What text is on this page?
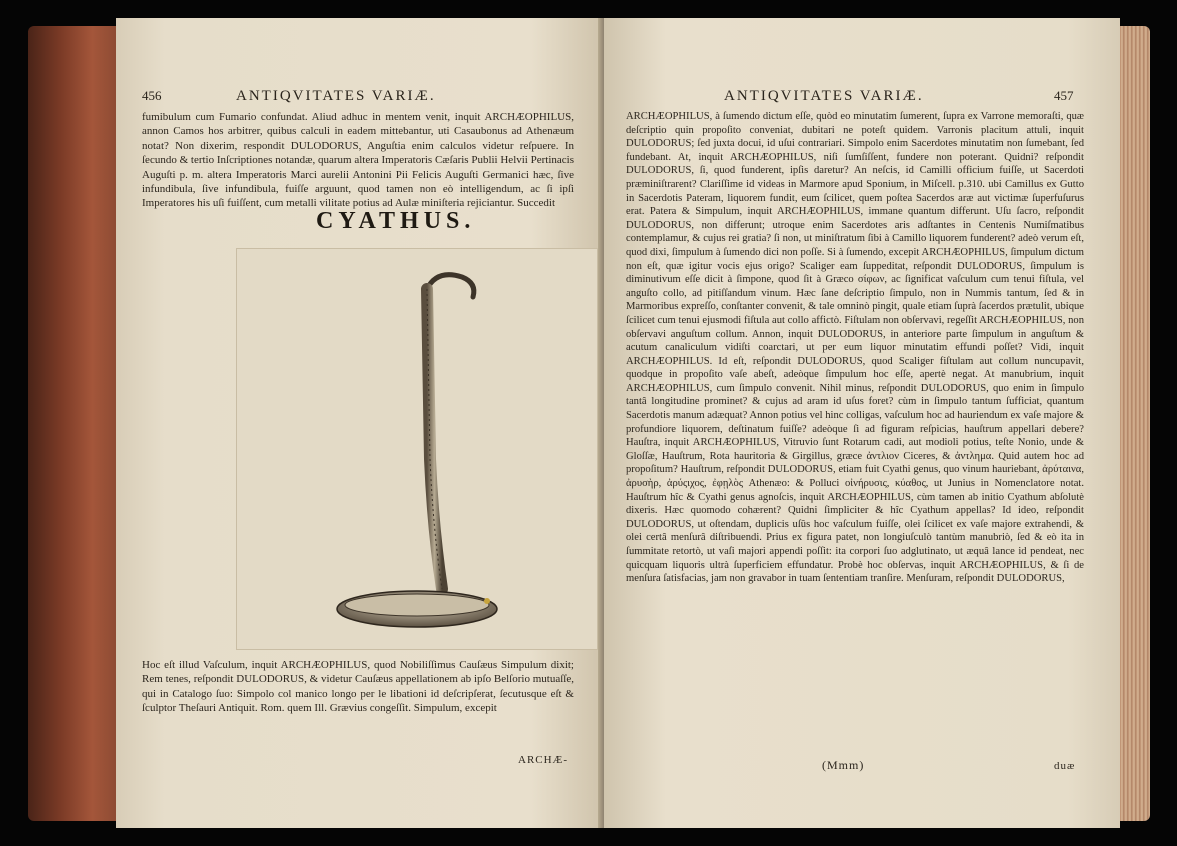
456	ANTIQVITATES VARIÆ.

fumibulum cum Fumario confundat. Aliud adhuc in mentem venit, inquit ARCHÆOPHILUS, annon Camos hos arbitrer, quibus calculi in eadem mittebantur, uti Casaubonus ad Athenæum notat? Non dixerim, respondit DULODORUS, Anguſtia enim calculos videtur reſpuere. In ſecundo & tertio Inſcriptiones notandæ, quarum altera Imperatoris Cæſaris Publii Helvii Pertinacis Auguſti p. m. altera Imperatoris Marci aurelii Antonini Pii Felicis Auguſti Germanici hæc, ſive infundibula, ſive infundibula, fuiſſe arguunt, quod tamen non eò intelligendum, ac ſi ipſi Imperatores his uſi fuiſſent, cum metalli vilitate potius ad Aulæ miniſteria rejiciantur. Succedit

CYATHUS.

Hoc eſt illud Vaſculum, inquit ARCHÆOPHILUS, quod Nobiliſſimus Cauſæus Simpulum dixit; Rem tenes, reſpondit DULODORUS, & videtur Cauſæus appellationem ab ipſo Belſorio mutuaſſe, qui in Catalogo ſuo: Simpolo col manico longo per le libationi id deſcripſerat, ſecutusque eſt & ſculptor Theſauri Antiquit. Rom. quem Ill. Grævius congeſſit. Simpulum, excepit

ARCHÆ-
ANTIQVITATES VARIÆ.	457

ARCHÆOPHILUS, à ſumendo dictum eſſe, quòd eo minutatim ſumerent, ſupra ex Varrone memoraſti, quæ deſcriptio quin propoſito conveniat, dubitari ne poteſt quidem. Varronis placitum attuli, inquit DULODORUS; ſed juxta docui, id uſui contrariari. Simpolo enim Sacerdotes minutatim non ſumebant, ſed fundebant. At, inquit ARCHÆOPHILUS, niſi ſumſiſſent, fundere non poterant. Quidni? reſpondit DULODORUS, ſi, quod funderent, ipſis daretur? An neſcis, id Camilli officium fuiſſe, ut Sacerdoti præminiſtrarent? Clariſſime id videas in Marmore apud Sponium, in Miſcell. p.310. ubi Camillus ex Gutto in Sacerdotis Pateram, liquorem fundit, eum ſcilicet, quem poſtea Sacerdos aræ aut victimæ ſuperfuſurus erat. Patera & Simpulum, inquit ARCHÆOPHILUS, immane quantum differunt. Uſu ſacro, reſpondit DULODORUS, non differunt; utroque enim Sacerdotes aris adſtantes in Centenis Numiſmatibus contemplamur, & cujus rei gratia? ſi non, ut miniſtratum ſibi à Camillo liquorem funderent? adeò verum eſt, quod dixi, ſimpulum à ſumendo dici non poſſe. Si à ſumendo, excepit ARCHÆOPHILUS, ſimpulum dictum non eſt, quæ igitur vocis ejus origo? Scaliger eam ſuppeditat, reſpondit DULODORUS, ſimpulum is diminutivum eſſe dicit à ſimpone, quod ſit à Græco σίφων, ac ſignificat vaſculum cum tenui fiſtula, vel anguſto collo, ad pitiſſandum vinum. Hæc ſane deſcriptio ſimpulo, non in Nummis tantum, ſed & in Marmoribus expreſſo, conſtanter convenit, & tale omninò pingit, quale etiam ſuprà ſacerdos prætulit, ubique ſcilicet cum tenui ejusmodi fiſtula aut collo affictò. Fiſtulam non obſervavi, regeſſit ARCHÆOPHILUS, non obſervavi anguſtum collum. Annon, inquit DULODORUS, in anteriore parte ſimpulum in anguſtum & acutum canaliculum vidiſti coarctari, ut per eum liquor minutatim effundi poſſet? Vidi, inquit ARCHÆOPHILUS. Id eſt, reſpondit DULODORUS, quod Scaliger fiſtulam aut collum nuncupavit, quodque in propoſito vaſe abeſt, adeòque ſimpulum hoc eſſe, apertè negat. At manubrium, inquit ARCHÆOPHILUS, cum ſimpulo convenit. Nihil minus, reſpondit DULODORUS, quo enim in ſimpulo tantâ longitudine prominet? & cujus ad aram id uſus foret? cùm in ſimpulo tantum ſufficiat, quantum Sacerdotis manum adæquat? Annon potius vel hinc colligas, vaſculum hoc ad hauriendum ex vaſe majore & profundiore liquorem, deſtinatum fuiſſe? adeòque ſi ad figuram reſpicias, hauſtrum appellari debere? Hauſtra, inquit ARCHÆOPHILUS, Vitruvio ſunt Rotarum cadi, aut modioli potius, teſte Nonio, unde & Gloſſæ, Hauſtrum, Rota hauritoria & Girgillus, græce ἀντλιον Ciceres, & ἀντλημα. Quid autem hoc ad propoſitum? Hauſtrum, reſpondit DULODORUS, etiam fuit Cyathi genus, quo vinum hauriebant, ἀρύταινα, ἀρυσὴρ, ἀρύςιχος, ἐφῃλὸς Athenæo: & Polluci οἰνήρυσις, κύαθος, ut Junius in Nomenclatore notat. Hauſtrum hîc & Cyathi genus agnoſcis, inquit ARCHÆOPHILUS, cùm tamen ab initio Cyathum abſolutè dixeris. Hæc quomodo cohærent? Quidni ſimpliciter & hîc Cyathum appellas? Id ideo, reſpondit DULODORUS, ut oſtendam, duplicis uſûs hoc vaſculum fuiſſe, olei ſcilicet ex vaſe majore extrahendi, & olei certâ menſurâ diſtribuendi. Prius ex figura patet, non longiuſculò tantùm manubriò, ſed & eò ita in ſummitate retortò, ut vaſi majori appendi poſſit: ita corpori ſuo adglutinato, ut æquâ lance id pendeat, nec quicquam liquoris ultrà ſuperficiem effundatur. Probè hoc obſervas, inquit ARCHÆOPHILUS, & ſi de menſura ſatisfacias, jam non gravabor in tuam ſententiam tranſire. Menſuram, reſpondit DULODORUS,

(Mmm)	duæ
